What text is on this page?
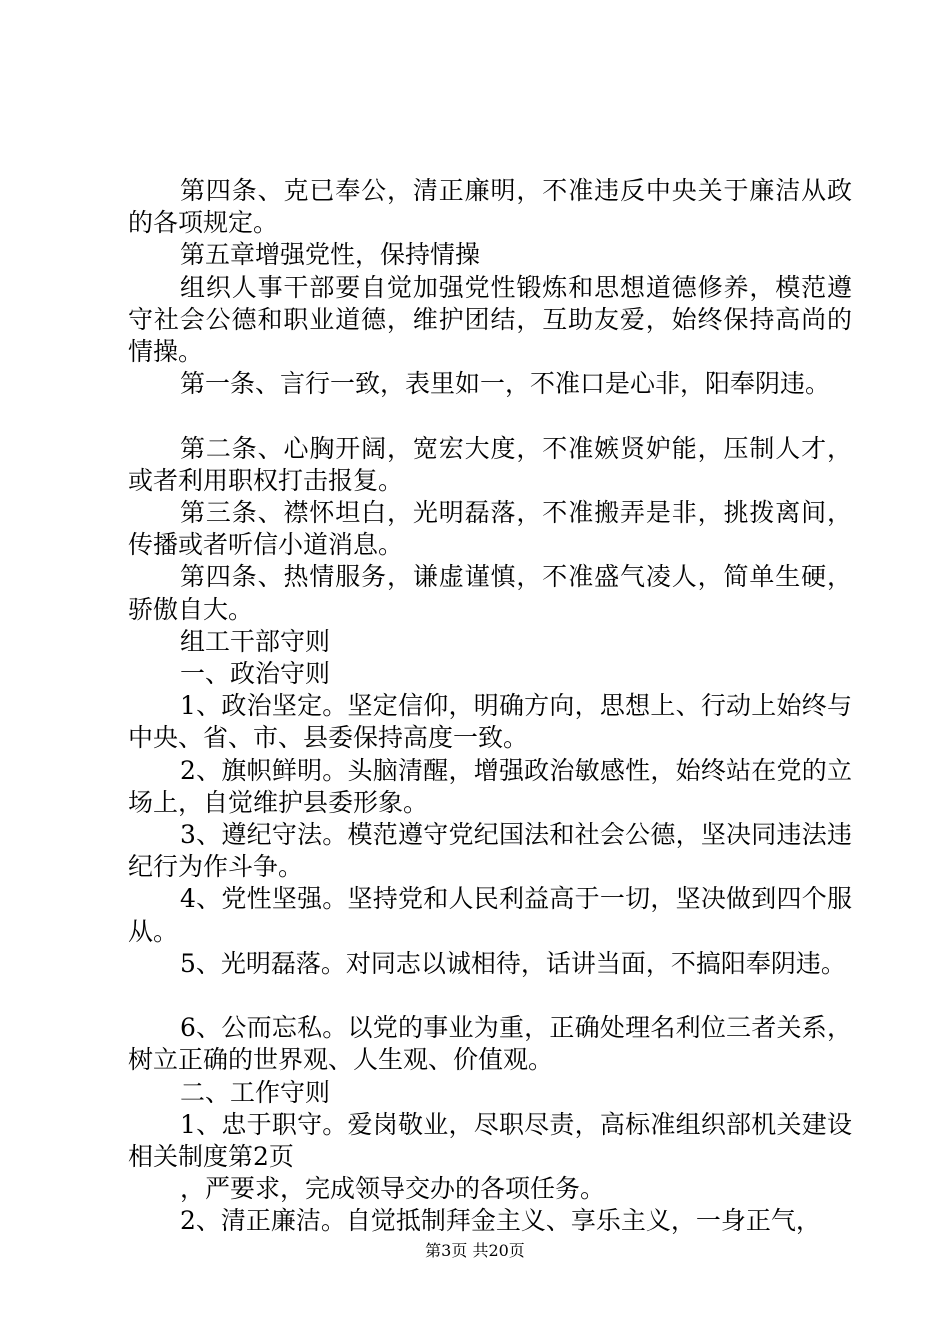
第四条、克已奉公，清正廉明，不准违反中央关于廉洁从政的各项规定。

第五章增强党性，保持情操

组织人事干部要自觉加强党性锻炼和思想道德修养，模范遵守社会公德和职业道德，维护团结，互助友爱，始终保持高尚的情操。

第一条、言行一致，表里如一，不准口是心非，阳奉阴违。

第二条、心胸开阔，宽宏大度，不准嫉贤妒能，压制人才，或者利用职权打击报复。

第三条、襟怀坦白，光明磊落，不准搬弄是非，挑拨离间，传播或者听信小道消息。

第四条、热情服务，谦虚谨慎，不准盛气凌人，简单生硬，骄傲自大。

组工干部守则

一、政治守则

1、政治坚定。坚定信仰，明确方向，思想上、行动上始终与中央、省、市、县委保持高度一致。

2、旗帜鲜明。头脑清醒，增强政治敏感性，始终站在党的立场上，自觉维护县委形象。

3、遵纪守法。模范遵守党纪国法和社会公德，坚决同违法违纪行为作斗争。

4、党性坚强。坚持党和人民利益高于一切，坚决做到四个服从。

5、光明磊落。对同志以诚相待，话讲当面，不搞阳奉阴违。

6、公而忘私。以党的事业为重，正确处理名利位三者关系，树立正确的世界观、人生观、价值观。

二、工作守则

1、忠于职守。爱岗敬业，尽职尽责，高标准组织部机关建设相关制度第2页

，严要求，完成领导交办的各项任务。

2、清正廉洁。自觉抵制拜金主义、享乐主义，一身正气，

第3页 共20页
